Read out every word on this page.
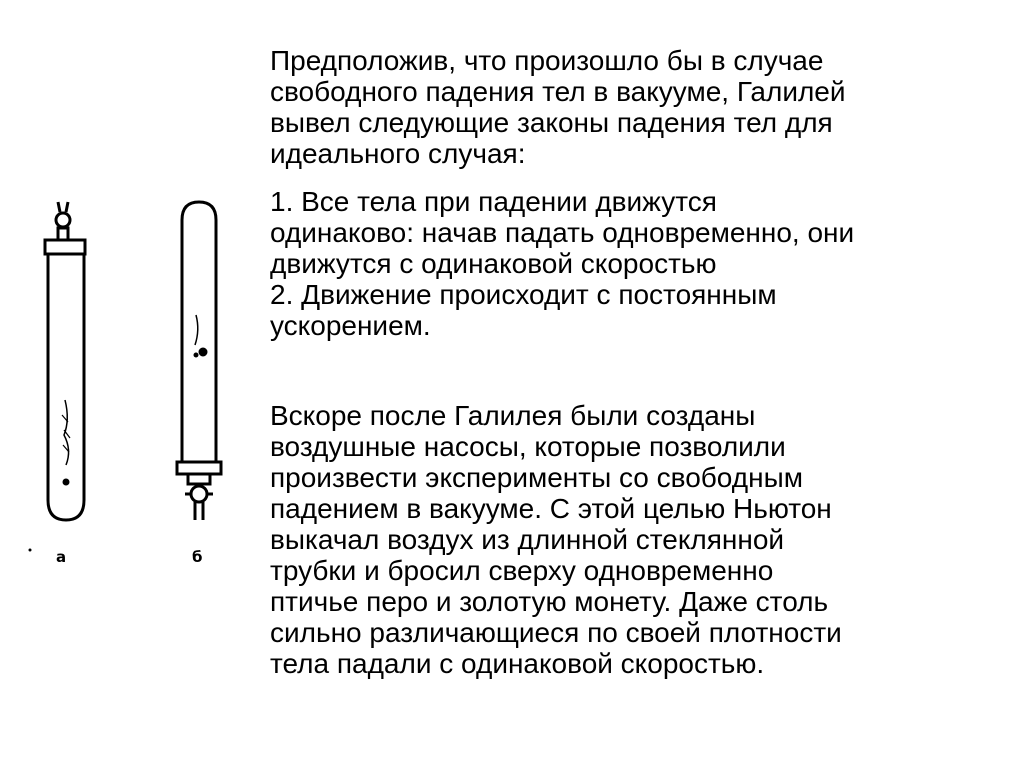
а	б
Предположив, что произошло бы в случае
свободного падения тел в вакууме, Галилей
вывел следующие законы падения тел для
идеального случая:
1. Все тела при падении движутся
одинаково: начав падать одновременно, они
движутся с одинаковой скоростью
2. Движение происходит с постоянным
ускорением.
Вскоре после Галилея были созданы
воздушные насосы, которые позволили
произвести эксперименты со свободным
падением в вакууме. С этой целью Ньютон
выкачал воздух из длинной стеклянной
трубки и бросил сверху одновременно
птичье перо и золотую монету. Даже столь
сильно различающиеся по своей плотности
тела падали с одинаковой скоростью.
